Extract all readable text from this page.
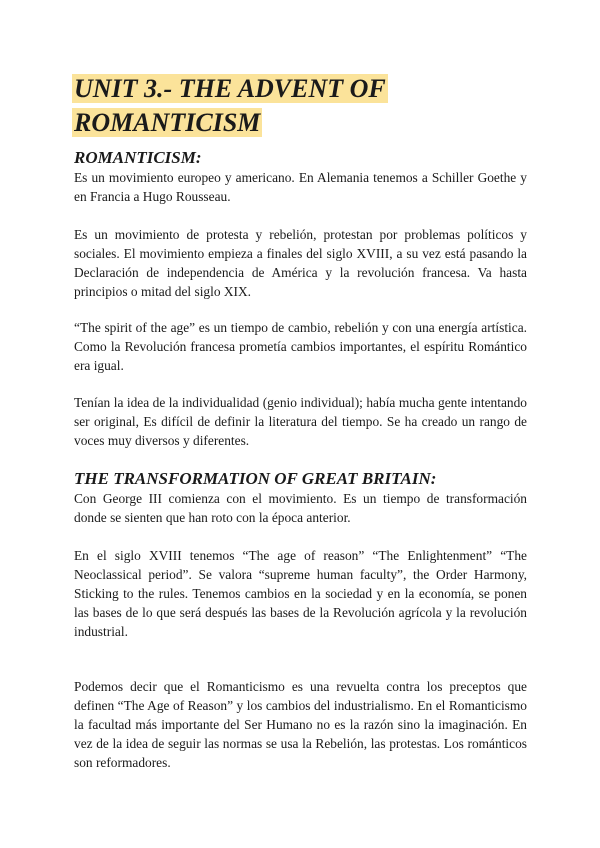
UNIT 3.- THE ADVENT OF ROMANTICISM
ROMANTICISM:

Es un movimiento europeo y americano. En Alemania tenemos a Schiller Goethe y en Francia a Hugo Rousseau.

Es un movimiento de protesta y rebelión, protestan por problemas políticos y sociales. El movimiento empieza a finales del siglo XVIII, a su vez está pasando la Declaración de independencia de América y la revolución francesa. Va hasta principios o mitad del siglo XIX.

“The spirit of the age” es un tiempo de cambio, rebelión y con una energía artística. Como la Revolución francesa prometía cambios importantes, el espíritu Romántico era igual.

Tenían la idea de la individualidad (genio individual); había mucha gente intentando ser original, Es difícil de definir la literatura del tiempo. Se ha creado un rango de voces muy diversos y diferentes.

THE TRANSFORMATION OF GREAT BRITAIN:

Con George III comienza con el movimiento. Es un tiempo de transformación donde se sienten que han roto con la época anterior.

En el siglo XVIII tenemos “The age of reason” “The Enlightenment” “The Neoclassical period”. Se valora “supreme human faculty”, the Order Harmony, Sticking to the rules. Tenemos cambios en la sociedad y en la economía, se ponen las bases de lo que será después las bases de la Revolución agrícola y la revolución industrial.

Podemos decir que el Romanticismo es una revuelta contra los preceptos que definen “The Age of Reason” y los cambios del industrialismo. En el Romanticismo la facultad más importante del Ser Humano no es la razón sino la imaginación. En vez de la idea de seguir las normas se usa la Rebelión, las protestas. Los románticos son reformadores.
